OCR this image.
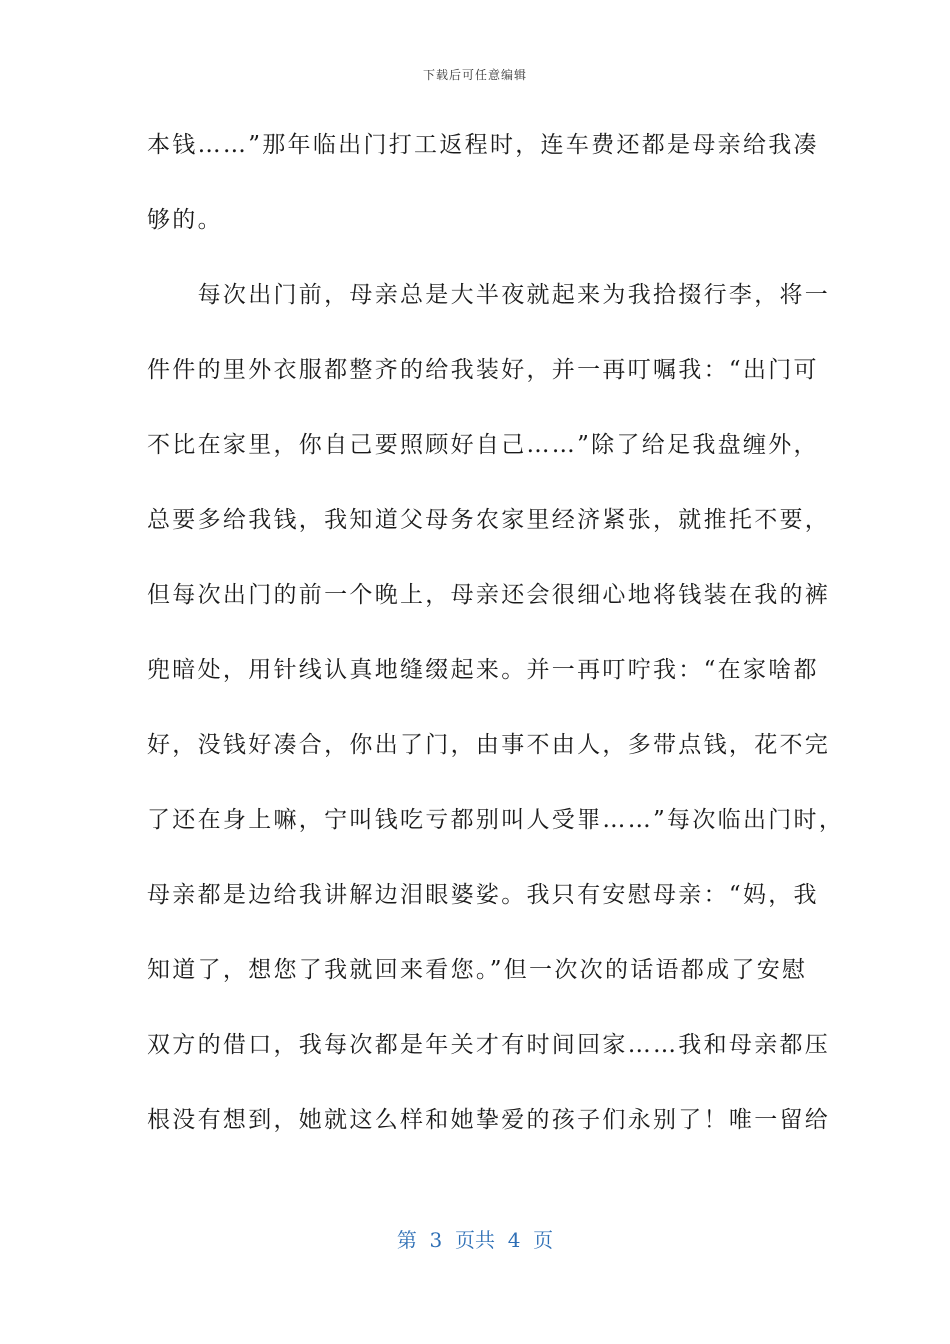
下载后可任意编辑
本钱……”那年临出门打工返程时，连车费还都是母亲给我凑
够的。
　　每次出门前，母亲总是大半夜就起来为我拾掇行李，将一
件件的里外衣服都整齐的给我装好，并一再叮嘱我：“出门可
不比在家里，你自己要照顾好自己……”除了给足我盘缠外，
总要多给我钱，我知道父母务农家里经济紧张，就推托不要，
但每次出门的前一个晚上，母亲还会很细心地将钱装在我的裤
兜暗处，用针线认真地缝缀起来。并一再叮咛我：“在家啥都
好，没钱好凑合，你出了门，由事不由人，多带点钱，花不完
了还在身上嘛，宁叫钱吃亏都别叫人受罪……”每次临出门时，
母亲都是边给我讲解边泪眼婆娑。我只有安慰母亲：“妈，我
知道了，想您了我就回来看您。”但一次次的话语都成了安慰
双方的借口，我每次都是年关才有时间回家……我和母亲都压
根没有想到，她就这么样和她挚爱的孩子们永别了！唯一留给
第  3  页共  4  页
